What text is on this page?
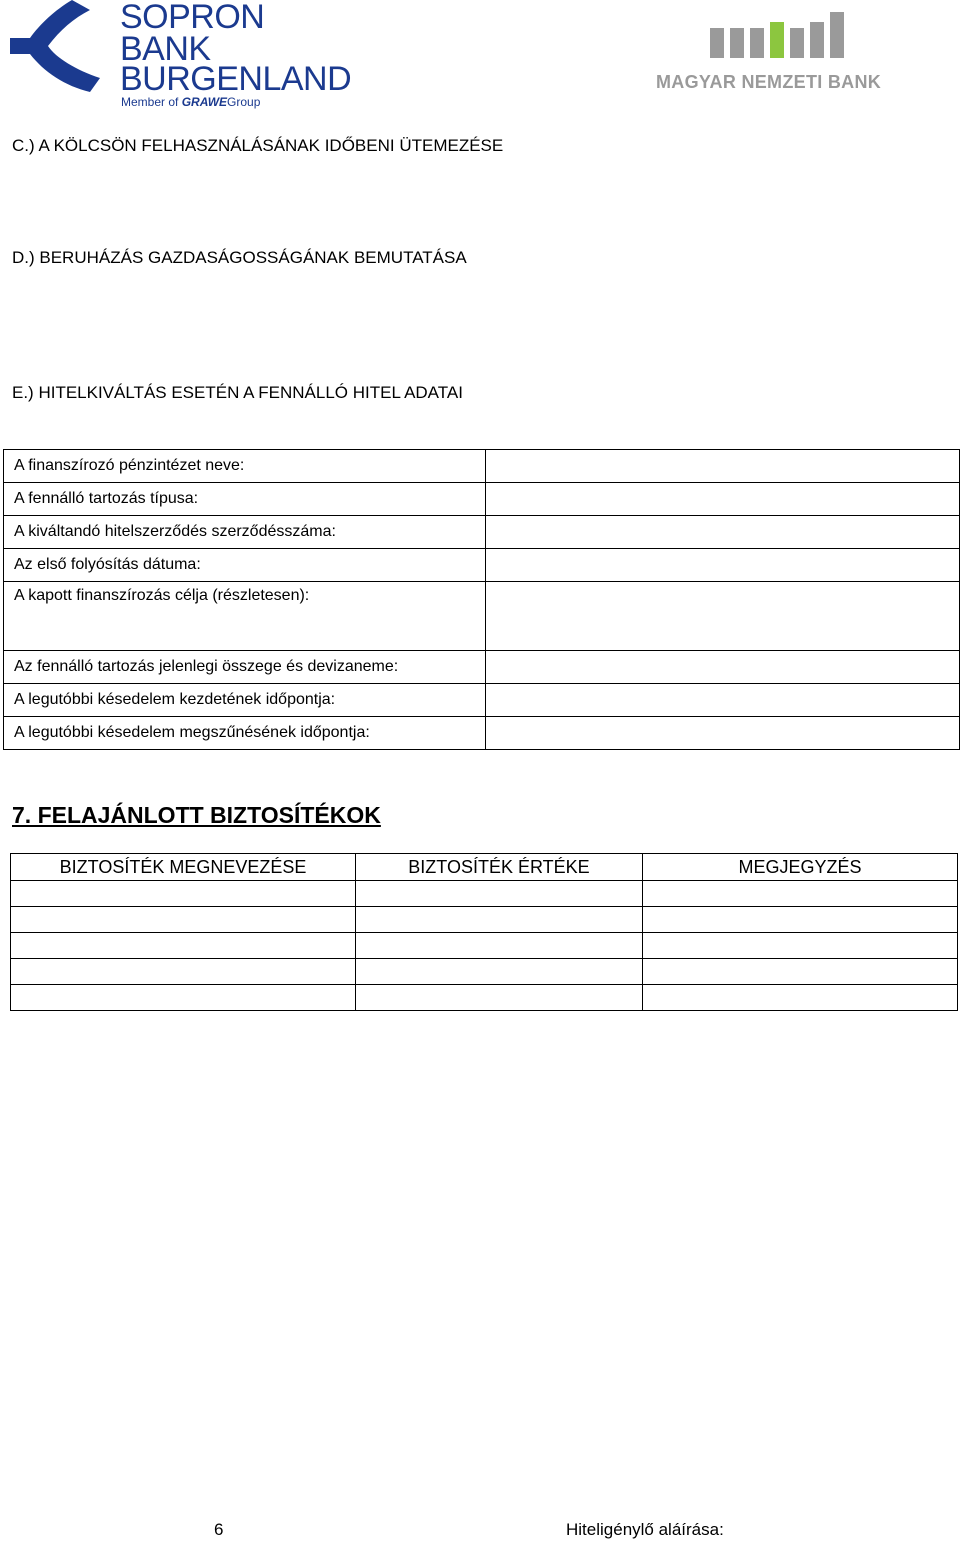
SOPRON
BANK
BURGENLAND
Member of GRAWEGroup
MAGYAR NEMZETI BANK
C.) A KÖLCSÖN FELHASZNÁLÁSÁNAK IDŐBENI ÜTEMEZÉSE
D.) BERUHÁZÁS GAZDASÁGOSSÁGÁNAK BEMUTATÁSA
E.) HITELKIVÁLTÁS ESETÉN A FENNÁLLÓ HITEL ADATAI
A finanszírozó pénzintézet neve:	
A fennálló tartozás típusa:	
A kiváltandó hitelszerződés szerződésszáma:	
Az első folyósítás dátuma:	
A kapott finanszírozás célja (részletesen):	
Az fennálló tartozás jelenlegi összege és devizaneme:	
A legutóbbi késedelem kezdetének időpontja:	
A legutóbbi késedelem megszűnésének időpontja:	
7. FELAJÁNLOTT BIZTOSÍTÉKOK
BIZTOSÍTÉK MEGNEVEZÉSE	BIZTOSÍTÉK ÉRTÉKE	MEGJEGYZÉS

6	Hiteligénylő aláírása:
